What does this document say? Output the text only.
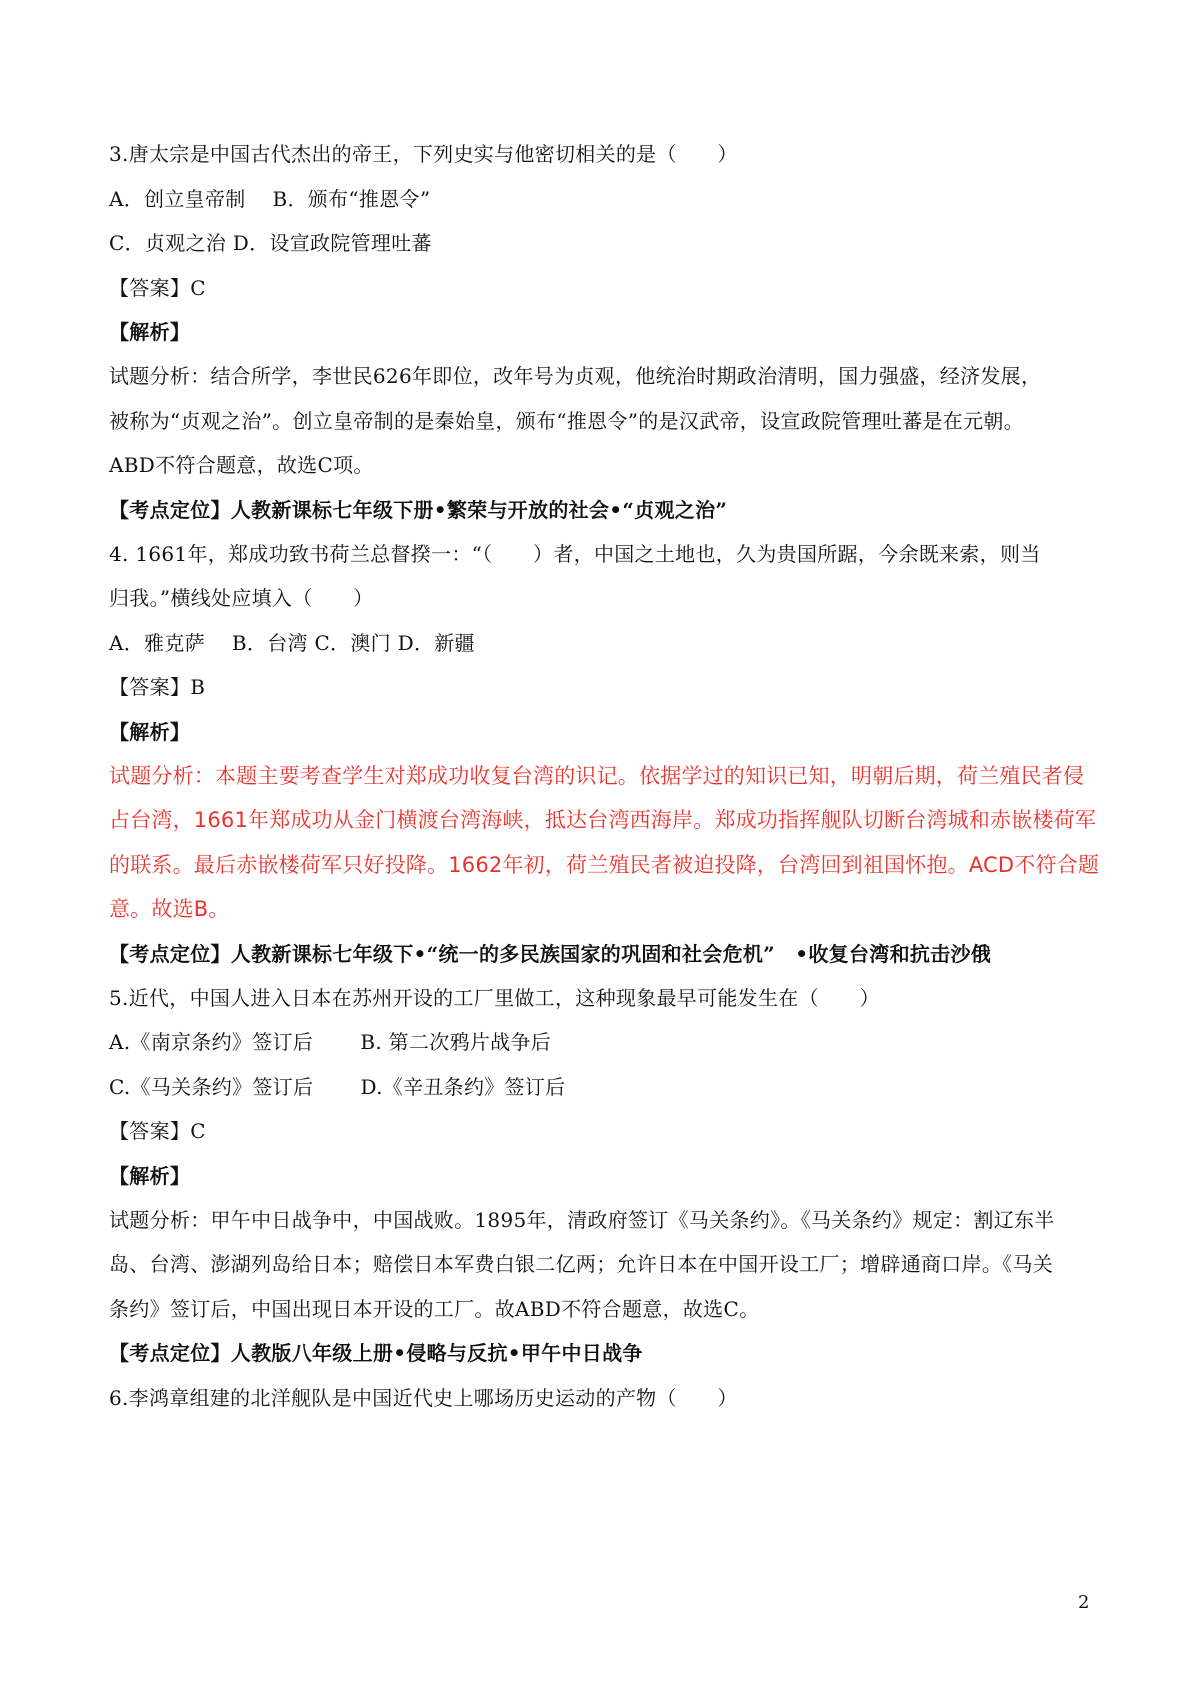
3.唐太宗是中国古代杰出的帝王，下列史实与他密切相关的是（　　）
A．创立皇帝制　 B．颁布“推恩令”
C．贞观之治 D．设宣政院管理吐蕃
【答案】C
【解析】
试题分析：结合所学，李世民626年即位，改年号为贞观，他统治时期政治清明，国力强盛，经济发展，
被称为“贞观之治”。创立皇帝制的是秦始皇，颁布“推恩令”的是汉武帝，设宣政院管理吐蕃是在元朝。
ABD不符合题意，故选C项。
【考点定位】人教新课标七年级下册•繁荣与开放的社会•“贞观之治”
4. 1661年，郑成功致书荷兰总督揆一：“（　　）者，中国之土地也，久为贵国所踞，今余既来索，则当
归我。”横线处应填入（　　）
A．雅克萨　 B．台湾 C．澳门 D．新疆
【答案】B
【解析】
试题分析：本题主要考查学生对郑成功收复台湾的识记。依据学过的知识已知，明朝后期，荷兰殖民者侵
占台湾，1661年郑成功从金门横渡台湾海峡，抵达台湾西海岸。郑成功指挥舰队切断台湾城和赤嵌楼荷军
的联系。最后赤嵌楼荷军只好投降。1662年初，荷兰殖民者被迫投降，台湾回到祖国怀抱。ACD不符合题
意。故选B。
【考点定位】人教新课标七年级下•“统一的多民族国家的巩固和社会危机”　•收复台湾和抗击沙俄
5.近代，中国人进入日本在苏州开设的工厂里做工，这种现象最早可能发生在（　　）
A.《南京条约》签订后　　 B. 第二次鸦片战争后
C.《马关条约》签订后　　 D.《辛丑条约》签订后
【答案】C
【解析】
试题分析：甲午中日战争中，中国战败。1895年，清政府签订《马关条约》。《马关条约》规定：割辽东半
岛、台湾、澎湖列岛给日本；赔偿日本军费白银二亿两；允许日本在中国开设工厂；增辟通商口岸。《马关
条约》签订后，中国出现日本开设的工厂。故ABD不符合题意，故选C。
【考点定位】人教版八年级上册•侵略与反抗•甲午中日战争
6.李鸿章组建的北洋舰队是中国近代史上哪场历史运动的产物（　　）
2
